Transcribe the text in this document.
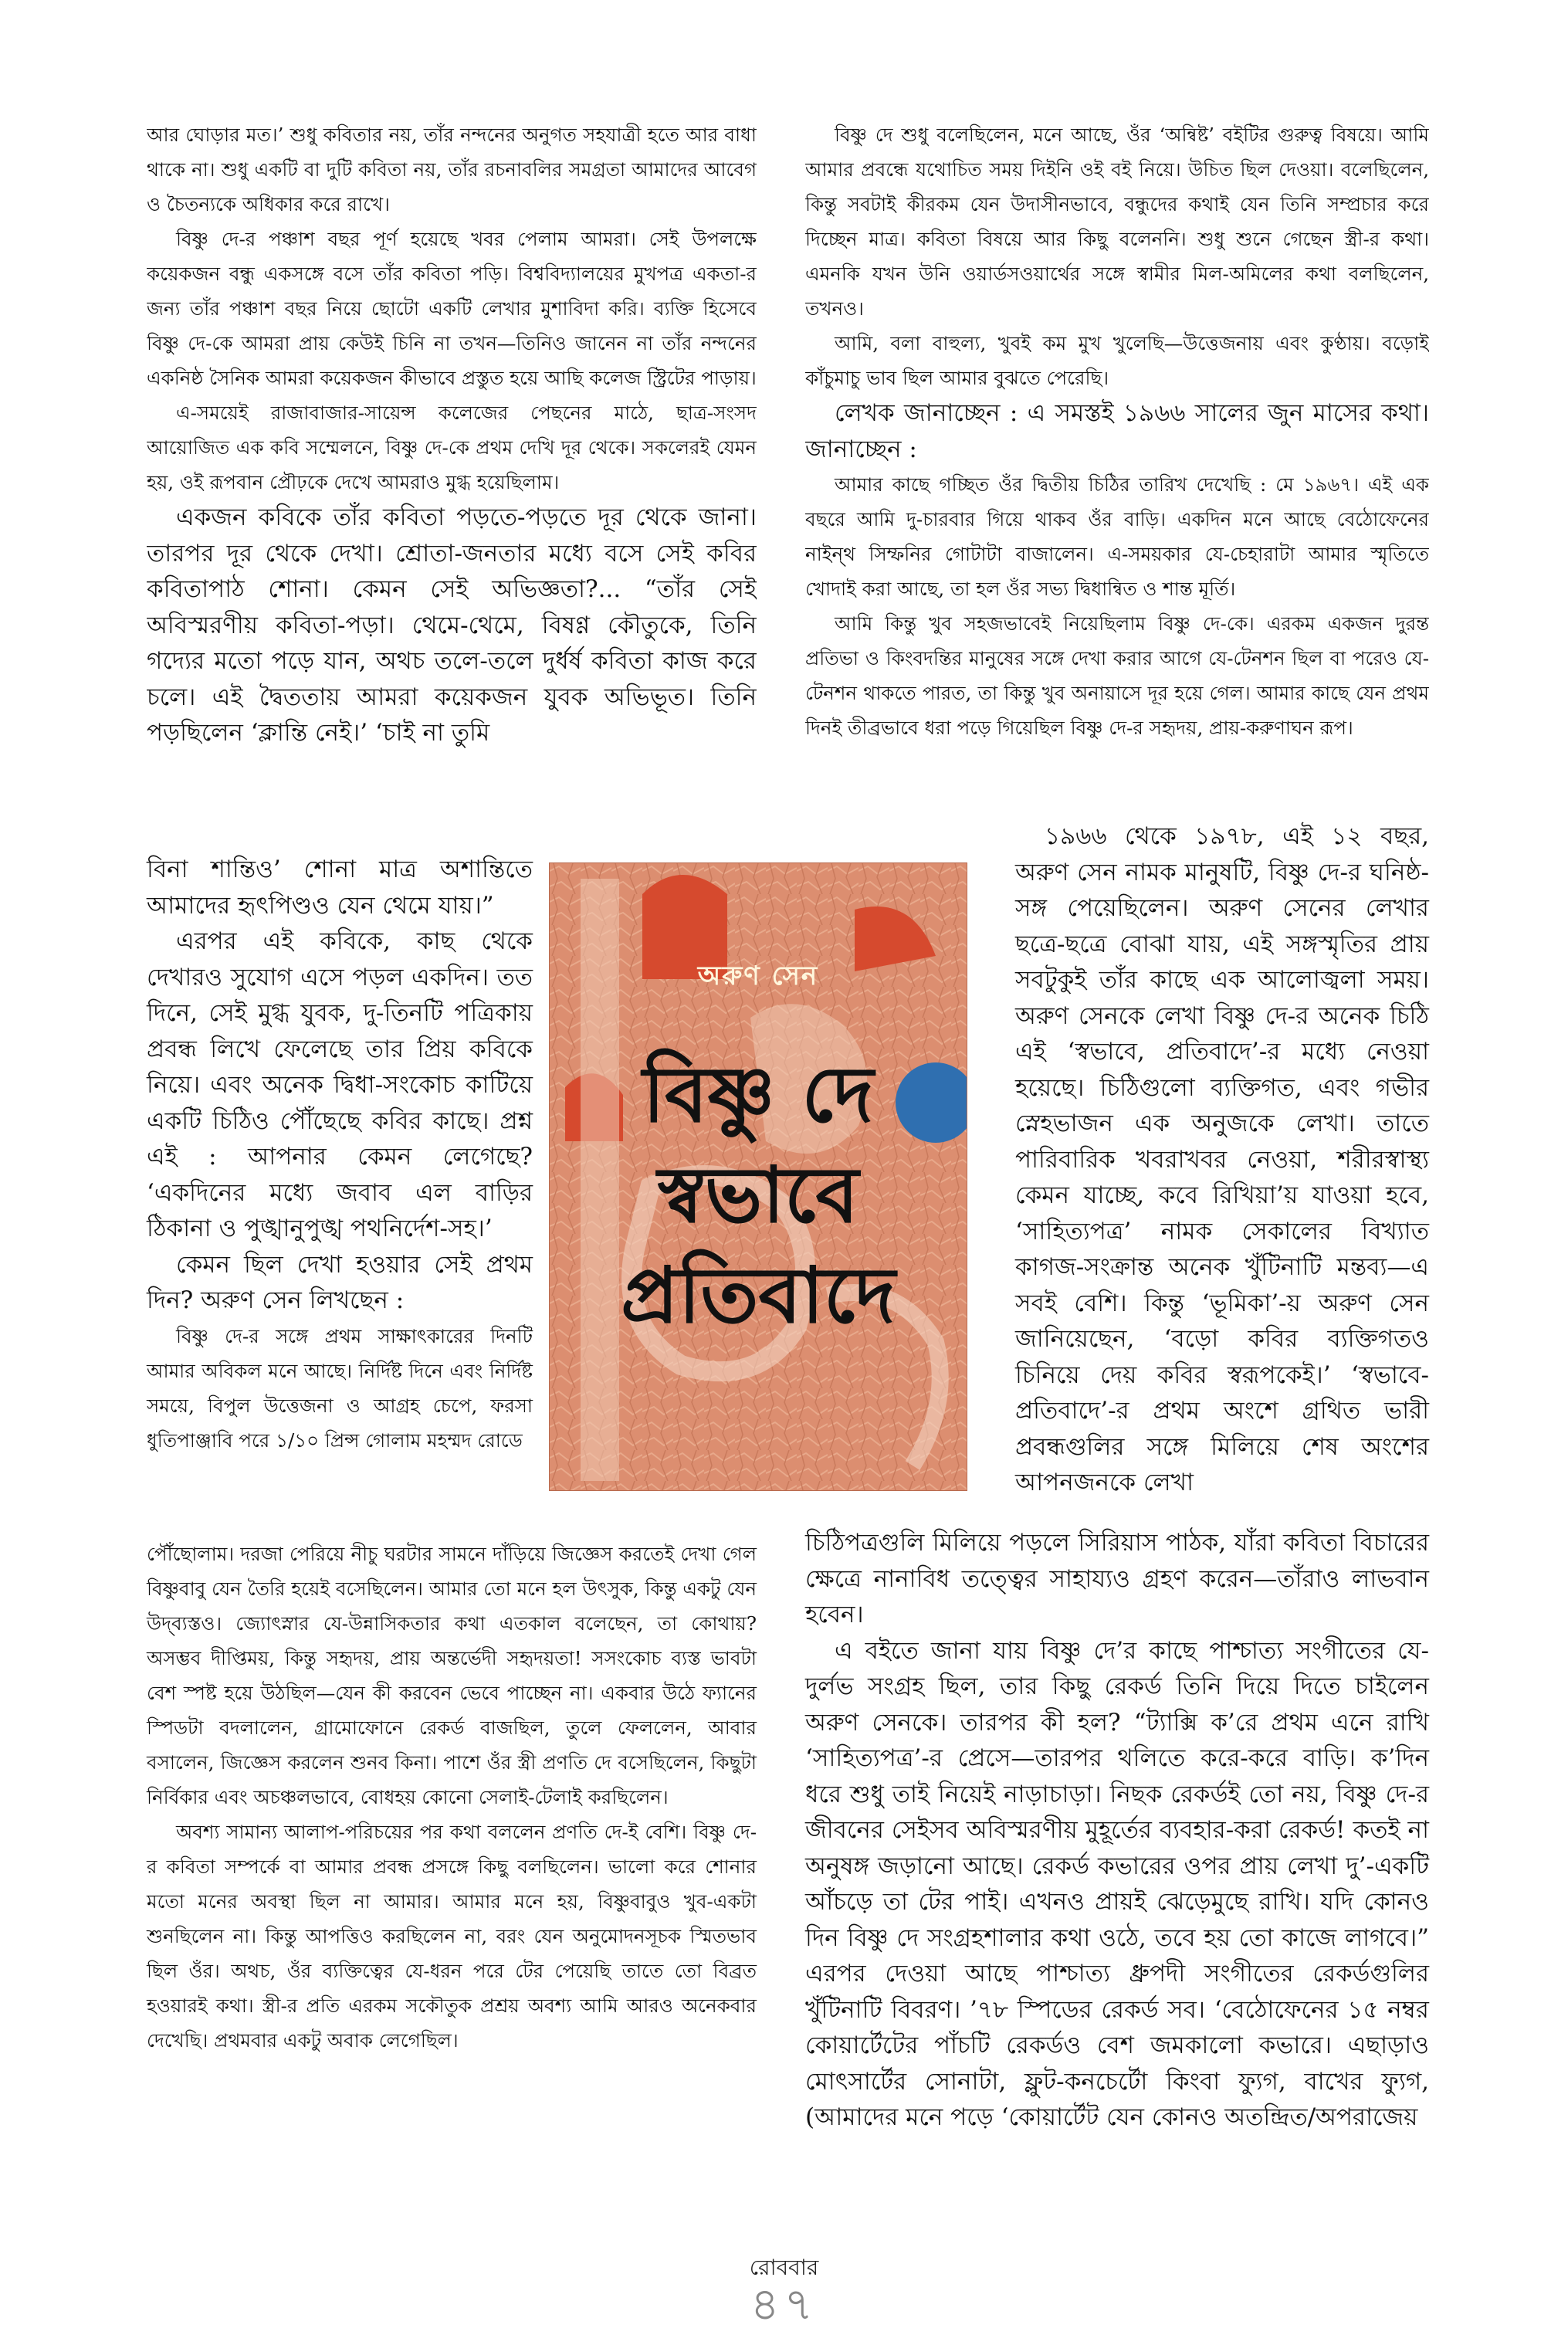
আর ঘোড়ার মত।’ শুধু কবিতার নয়, তাঁর নন্দনের অনুগত সহযাত্রী হতে আর বাধা থাকে না। শুধু একটি বা দুটি কবিতা নয়, তাঁর রচনাবলির সমগ্রতা আমাদের আবেগ ও চৈতন্যকে অধিকার করে রাখে।

বিষ্ণু দে-র পঞ্চাশ বছর পূর্ণ হয়েছে খবর পেলাম আমরা। সেই উপলক্ষে কয়েকজন বন্ধু একসঙ্গে বসে তাঁর কবিতা পড়ি। বিশ্ববিদ্যালয়ের মুখপত্র একতা-র জন্য তাঁর পঞ্চাশ বছর নিয়ে ছোটো একটি লেখার মুশাবিদা করি। ব্যক্তি হিসেবে বিষ্ণু দে-কে আমরা প্রায় কেউই চিনি না তখন—তিনিও জানেন না তাঁর নন্দনের একনিষ্ঠ সৈনিক আমরা কয়েকজন কীভাবে প্রস্তুত হয়ে আছি কলেজ স্ট্রিটের পাড়ায়।

এ-সময়েই রাজাবাজার-সায়েন্স কলেজের পেছনের মাঠে, ছাত্র-সংসদ আয়োজিত এক কবি সম্মেলনে, বিষ্ণু দে-কে প্রথম দেখি দূর থেকে। সকলেরই যেমন হয়, ওই রূপবান প্রৌঢ়কে দেখে আমরাও মুগ্ধ হয়েছিলাম।

একজন কবিকে তাঁর কবিতা পড়তে-পড়তে দূর থেকে জানা। তারপর দূর থেকে দেখা। শ্রোতা-জনতার মধ্যে বসে সেই কবির কবিতাপাঠ শোনা। কেমন সেই অভিজ্ঞতা?... “তাঁর সেই অবিস্মরণীয় কবিতা-পড়া। থেমে-থেমে, বিষণ্ণ কৌতুকে, তিনি গদ্যের মতো পড়ে যান, অথচ তলে-তলে দুর্ধর্ষ কবিতা কাজ করে চলে। এই দ্বৈততায় আমরা কয়েকজন যুবক অভিভূত। তিনি পড়ছিলেন ‘ক্লান্তি নেই।’ ‘চাই না তুমি

বিনা শান্তিও’ শোনা মাত্র অশান্তিতে আমাদের হৃৎপিণ্ডও যেন থেমে যায়।”

এরপর এই কবিকে, কাছ থেকে দেখারও সুযোগ এসে পড়ল একদিন। তত দিনে, সেই মুগ্ধ যুবক, দু-তিনটি পত্রিকায় প্রবন্ধ লিখে ফেলেছে তার প্রিয় কবিকে নিয়ে। এবং অনেক দ্বিধা-সংকোচ কাটিয়ে একটি চিঠিও পৌঁছেছে কবির কাছে। প্রশ্ন এই : আপনার কেমন লেগেছে? ‘একদিনের মধ্যে জবাব এল বাড়ির ঠিকানা ও পুঙ্খানুপুঙ্খ পথনির্দেশ-সহ।’

কেমন ছিল দেখা হওয়ার সেই প্রথম দিন? অরুণ সেন লিখছেন :

বিষ্ণু দে-র সঙ্গে প্রথম সাক্ষাৎকারের দিনটি আমার অবিকল মনে আছে। নির্দিষ্ট দিনে এবং নির্দিষ্ট সময়ে, বিপুল উত্তেজনা ও আগ্রহ চেপে, ফরসা ধুতিপাঞ্জাবি পরে ১/১০ প্রিন্স গোলাম মহম্মদ রোডে

পৌঁছোলাম। দরজা পেরিয়ে নীচু ঘরটার সামনে দাঁড়িয়ে জিজ্ঞেস করতেই দেখা গেল বিষ্ণুবাবু যেন তৈরি হয়েই বসেছিলেন। আমার তো মনে হল উৎসুক, কিন্তু একটু যেন উদ্‌ব্যস্তও। জ্যোৎস্নার যে-উন্নাসিকতার কথা এতকাল বলেছেন, তা কোথায়? অসম্ভব দীপ্তিময়, কিন্তু সহৃদয়, প্রায় অন্তর্ভেদী সহৃদয়তা! সসংকোচ ব্যস্ত ভাবটা বেশ স্পষ্ট হয়ে উঠছিল—যেন কী করবেন ভেবে পাচ্ছেন না। একবার উঠে ফ্যানের স্পিডটা বদলালেন, গ্রামোফোনে রেকর্ড বাজছিল, তুলে ফেললেন, আবার বসালেন, জিজ্ঞেস করলেন শুনব কিনা। পাশে ওঁর স্ত্রী প্রণতি দে বসেছিলেন, কিছুটা নির্বিকার এবং অচঞ্চলভাবে, বোধহয় কোনো সেলাই-টেলাই করছিলেন।

অবশ্য সামান্য আলাপ-পরিচয়ের পর কথা বললেন প্রণতি দে-ই বেশি। বিষ্ণু দে-র কবিতা সম্পর্কে বা আমার প্রবন্ধ প্রসঙ্গে কিছু বলছিলেন। ভালো করে শোনার মতো মনের অবস্থা ছিল না আমার। আমার মনে হয়, বিষ্ণুবাবুও খুব-একটা শুনছিলেন না। কিন্তু আপত্তিও করছিলেন না, বরং যেন অনুমোদনসূচক স্মিতভাব ছিল ওঁর। অথচ, ওঁর ব্যক্তিত্বের যে-ধরন পরে টের পেয়েছি তাতে তো বিব্রত হওয়ারই কথা। স্ত্রী-র প্রতি এরকম সকৌতুক প্রশ্রয় অবশ্য আমি আরও অনেকবার দেখেছি। প্রথমবার একটু অবাক লেগেছিল।

বিষ্ণু দে শুধু বলেছিলেন, মনে আছে, ওঁর ‘অন্বিষ্ট’ বইটির গুরুত্ব বিষয়ে। আমি আমার প্রবন্ধে যথোচিত সময় দিইনি ওই বই নিয়ে। উচিত ছিল দেওয়া। বলেছিলেন, কিন্তু সবটাই কীরকম যেন উদাসীনভাবে, বন্ধুদের কথাই যেন তিনি সম্প্রচার করে দিচ্ছেন মাত্র। কবিতা বিষয়ে আর কিছু বলেননি। শুধু শুনে গেছেন স্ত্রী-র কথা। এমনকি যখন উনি ওয়ার্ডসওয়ার্থের সঙ্গে স্বামীর মিল-অমিলের কথা বলছিলেন, তখনও।

আমি, বলা বাহুল্য, খুবই কম মুখ খুলেছি—উত্তেজনায় এবং কুণ্ঠায়। বড়োই কাঁচুমাচু ভাব ছিল আমার বুঝতে পেরেছি।

লেখক জানাচ্ছেন : এ সমস্তই ১৯৬৬ সালের জুন মাসের কথা। জানাচ্ছেন :

আমার কাছে গচ্ছিত ওঁর দ্বিতীয় চিঠির তারিখ দেখেছি : মে ১৯৬৭। এই এক বছরে আমি দু-চারবার গিয়ে থাকব ওঁর বাড়ি। একদিন মনে আছে বেঠোফেনের নাইন্‌থ সিম্ফনির গোটাটা বাজালেন। এ-সময়কার যে-চেহারাটা আমার স্মৃতিতে খোদাই করা আছে, তা হল ওঁর সভ্য দ্বিধান্বিত ও শান্ত মূর্তি।

আমি কিন্তু খুব সহজভাবেই নিয়েছিলাম বিষ্ণু দে-কে। এরকম একজন দুরন্ত প্রতিভা ও কিংবদন্তির মানুষের সঙ্গে দেখা করার আগে যে-টেনশন ছিল বা পরেও যে-টেনশন থাকতে পারত, তা কিন্তু খুব অনায়াসে দূর হয়ে গেল। আমার কাছে যেন প্রথম দিনই তীব্রভাবে ধরা পড়ে গিয়েছিল বিষ্ণু দে-র সহৃদয়, প্রায়-করুণাঘন রূপ।

১৯৬৬ থেকে ১৯৭৮, এই ১২ বছর, অরুণ সেন নামক মানুষটি, বিষ্ণু দে-র ঘনিষ্ঠ-সঙ্গ পেয়েছিলেন। অরুণ সেনের লেখার ছত্রে-ছত্রে বোঝা যায়, এই সঙ্গস্মৃতির প্রায় সবটুকুই তাঁর কাছে এক আলোজ্বলা সময়। অরুণ সেনকে লেখা বিষ্ণু দে-র অনেক চিঠি এই ‘স্বভাবে, প্রতিবাদে’-র মধ্যে নেওয়া হয়েছে। চিঠিগুলো ব্যক্তিগত, এবং গভীর স্নেহভাজন এক অনুজকে লেখা। তাতে পারিবারিক খবরাখবর নেওয়া, শরীরস্বাস্থ্য কেমন যাচ্ছে, কবে রিখিয়া’য় যাওয়া হবে, ‘সাহিত্যপত্র’ নামক সেকালের বিখ্যাত কাগজ-সংক্রান্ত অনেক খুঁটিনাটি মন্তব্য—এ সবই বেশি। কিন্তু ‘ভূমিকা’-য় অরুণ সেন জানিয়েছেন, ‘বড়ো কবির ব্যক্তিগতও চিনিয়ে দেয় কবির স্বরূপকেই।’ ‘স্বভাবে-প্রতিবাদে’-র প্রথম অংশে গ্রথিত ভারী প্রবন্ধগুলির সঙ্গে মিলিয়ে শেষ অংশের আপনজনকে লেখা

চিঠিপত্রগুলি মিলিয়ে পড়লে সিরিয়াস পাঠক, যাঁরা কবিতা বিচারের ক্ষেত্রে নানাবিধ তত্ত্বের সাহায্যও গ্রহণ করেন—তাঁরাও লাভবান হবেন।

এ বইতে জানা যায় বিষ্ণু দে’র কাছে পাশ্চাত্য সংগীতের যে-দুর্লভ সংগ্রহ ছিল, তার কিছু রেকর্ড তিনি দিয়ে দিতে চাইলেন অরুণ সেনকে। তারপর কী হল? “ট্যাক্সি ক’রে প্রথম এনে রাখি ‘সাহিত্যপত্র’-র প্রেসে—তারপর থলিতে করে-করে বাড়ি। ক’দিন ধরে শুধু তাই নিয়েই নাড়াচাড়া। নিছক রেকর্ডই তো নয়, বিষ্ণু দে-র জীবনের সেইসব অবিস্মরণীয় মুহূর্তের ব্যবহার-করা রেকর্ড! কতই না অনুষঙ্গ জড়ানো আছে। রেকর্ড কভারের ওপর প্রায় লেখা দু’-একটি আঁচড়ে তা টের পাই। এখনও প্রায়ই ঝেড়েমুছে রাখি। যদি কোনও দিন বিষ্ণু দে সংগ্রহশালার কথা ওঠে, তবে হয় তো কাজে লাগবে।” এরপর দেওয়া আছে পাশ্চাত্য ধ্রুপদী সংগীতের রেকর্ডগুলির খুঁটিনাটি বিবরণ। ’৭৮ স্পিডের রেকর্ড সব। ‘বেঠোফেনের ১৫ নম্বর কোয়ার্টেটের পাঁচটি রেকর্ডও বেশ জমকালো কভারে। এছাড়াও মোৎসার্টের সোনাটা, ফ্লুট-কনচের্টো কিংবা ফ্যুগ, বাখের ফ্যুগ, (আমাদের মনে পড়ে ‘কোয়ার্টেট যেন কোনও অতন্দ্রিত/অপরাজেয়

অরুণ সেন
বিষ্ণু দে
স্বভাবে
প্রতিবাদে
রোববার
৪৭
